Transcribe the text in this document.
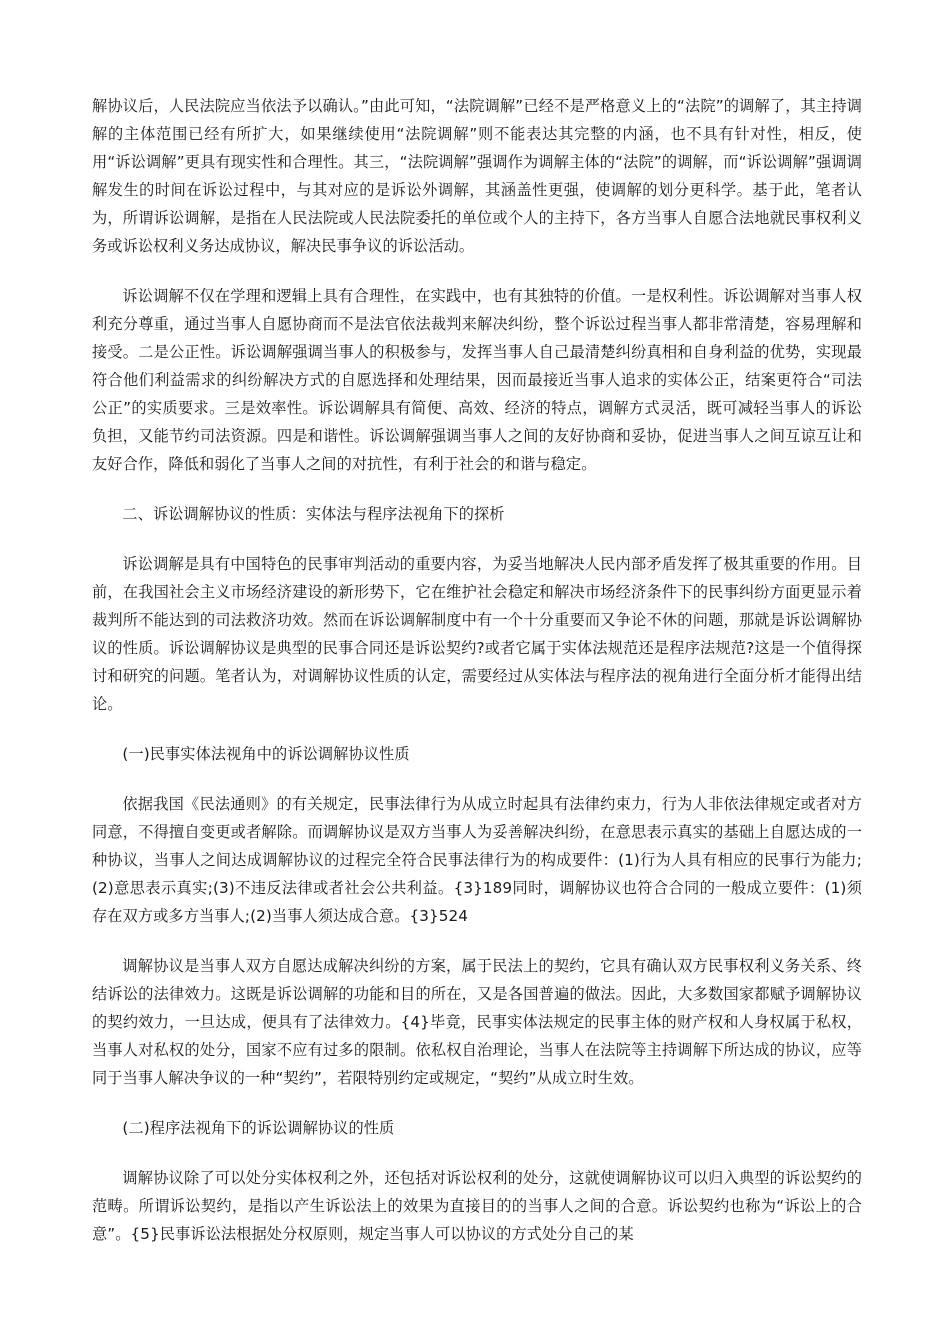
解协议后，人民法院应当依法予以确认。”由此可知，“法院调解”已经不是严格意义上的“法院”的调解了，其主持调解的主体范围已经有所扩大，如果继续使用“法院调解”则不能表达其完整的内涵，也不具有针对性，相反，使用“诉讼调解”更具有现实性和合理性。其三，“法院调解”强调作为调解主体的“法院”的调解，而“诉讼调解”强调调解发生的时间在诉讼过程中，与其对应的是诉讼外调解，其涵盖性更强，使调解的划分更科学。基于此，笔者认为，所谓诉讼调解，是指在人民法院或人民法院委托的单位或个人的主持下，各方当事人自愿合法地就民事权利义务或诉讼权利义务达成协议，解决民事争议的诉讼活动。

诉讼调解不仅在学理和逻辑上具有合理性，在实践中，也有其独特的价值。一是权利性。诉讼调解对当事人权利充分尊重，通过当事人自愿协商而不是法官依法裁判来解决纠纷，整个诉讼过程当事人都非常清楚，容易理解和接受。二是公正性。诉讼调解强调当事人的积极参与，发挥当事人自己最清楚纠纷真相和自身利益的优势，实现最符合他们利益需求的纠纷解决方式的自愿选择和处理结果，因而最接近当事人追求的实体公正，结案更符合“司法公正”的实质要求。三是效率性。诉讼调解具有简便、高效、经济的特点，调解方式灵活，既可减轻当事人的诉讼负担，又能节约司法资源。四是和谐性。诉讼调解强调当事人之间的友好协商和妥协，促进当事人之间互谅互让和友好合作，降低和弱化了当事人之间的对抗性，有利于社会的和谐与稳定。

二、诉讼调解协议的性质：实体法与程序法视角下的探析

诉讼调解是具有中国特色的民事审判活动的重要内容，为妥当地解决人民内部矛盾发挥了极其重要的作用。目前，在我国社会主义市场经济建设的新形势下，它在维护社会稳定和解决市场经济条件下的民事纠纷方面更显示着裁判所不能达到的司法救济功效。然而在诉讼调解制度中有一个十分重要而又争论不休的问题，那就是诉讼调解协议的性质。诉讼调解协议是典型的民事合同还是诉讼契约?或者它属于实体法规范还是程序法规范?这是一个值得探讨和研究的问题。笔者认为，对调解协议性质的认定，需要经过从实体法与程序法的视角进行全面分析才能得出结论。

(一)民事实体法视角中的诉讼调解协议性质

依据我国《民法通则》的有关规定，民事法律行为从成立时起具有法律约束力，行为人非依法律规定或者对方同意，不得擅自变更或者解除。而调解协议是双方当事人为妥善解决纠纷，在意思表示真实的基础上自愿达成的一种协议，当事人之间达成调解协议的过程完全符合民事法律行为的构成要件：(1)行为人具有相应的民事行为能力;(2)意思表示真实;(3)不违反法律或者社会公共利益。{3}189同时，调解协议也符合合同的一般成立要件：(1)须存在双方或多方当事人;(2)当事人须达成合意。{3}524

调解协议是当事人双方自愿达成解决纠纷的方案，属于民法上的契约，它具有确认双方民事权利义务关系、终结诉讼的法律效力。这既是诉讼调解的功能和目的所在，又是各国普遍的做法。因此，大多数国家都赋予调解协议的契约效力，一旦达成，便具有了法律效力。{4}毕竟，民事实体法规定的民事主体的财产权和人身权属于私权，当事人对私权的处分，国家不应有过多的限制。依私权自治理论，当事人在法院等主持调解下所达成的协议，应等同于当事人解决争议的一种“契约”，若限特别约定或规定，“契约”从成立时生效。

(二)程序法视角下的诉讼调解协议的性质

调解协议除了可以处分实体权利之外，还包括对诉讼权利的处分，这就使调解协议可以归入典型的诉讼契约的范畴。所谓诉讼契约，是指以产生诉讼法上的效果为直接目的的当事人之间的合意。诉讼契约也称为“诉讼上的合意”。{5}民事诉讼法根据处分权原则，规定当事人可以协议的方式处分自己的某
